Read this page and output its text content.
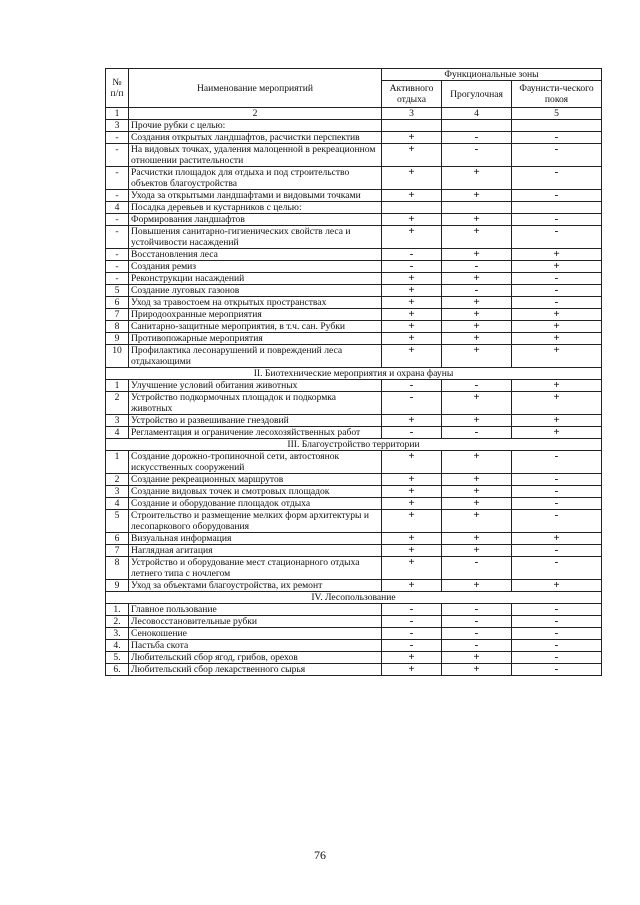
№ п/п	Наименование мероприятий	Функциональные зоны		
		Активного отдыха	Прогулочная	Фаунисти-ческого покоя
1	2	3	4	5
3	Прочие рубки с целью:			
-	Создания открытых ландшафтов, расчистки перспектив	+	-	-
-	На видовых точках, удаления малоценной в рекреационном отношении растительности	+	-	-
-	Расчистки площадок для отдыха и под строительство объектов благоустройства	+	+	-
-	Ухода за открытыми ландшафтами и видовыми точками	+	+	-
4	Посадка деревьев и кустарников с целью:			
-	Формирования ландшафтов	+	+	-
-	Повышения санитарно-гигиенических свойств леса и устойчивости насаждений	+	+	-
-	Восстановления леса	-	+	+
-	Создания ремиз	-	-	+
-	Реконструкции насаждений	+	+	-
5	Создание луговых газонов	+	-	-
6	Уход за травостоем на открытых пространствах	+	+	-
7	Природоохранные мероприятия	+	+	+
8	Санитарно-защитные мероприятия, в т.ч. сан. Рубки	+	+	+
9	Противопожарные мероприятия	+	+	+
10	Профилактика лесонарушений и повреждений леса отдыхающими	+	+	+
II. Биотехнические мероприятия и охрана фауны				
1	Улучшение условий обитания животных	-	-	+
2	Устройство подкормочных площадок и подкормка животных	-	+	+
3	Устройство и развешивание гнездовий	+	+	+
4	Регламентация и ограничение лесохозяйственных работ	-	-	+
III. Благоустройство территории				
1	Создание дорожно-тропиночной сети, автостоянок искусственных сооружений	+	+	-
2	Создание рекреационных маршрутов	+	+	-
3	Создание видовых точек и смотровых площадок	+	+	-
4	Создание и оборудование площадок отдыха	+	+	-
5	Строительство и размещение мелких форм архитектуры и лесопаркового оборудования	+	+	-
6	Визуальная информация	+	+	+
7	Наглядная агитация	+	+	-
8	Устройство и оборудование мест стационарного отдыха летнего типа с ночлегом	+	-	-
9	Уход за объектами благоустройства, их ремонт	+	+	+
IV. Лесопользование				
1.	Главное пользование	-	-	-
2.	Лесовосстановительные рубки	-	-	-
3.	Сенокошение	-	-	-
4.	Пастьба скота	-	-	-
5.	Любительский сбор ягод, грибов, орехов	+	+	-
6.	Любительский сбор лекарственного сырья	+	+	-
76
